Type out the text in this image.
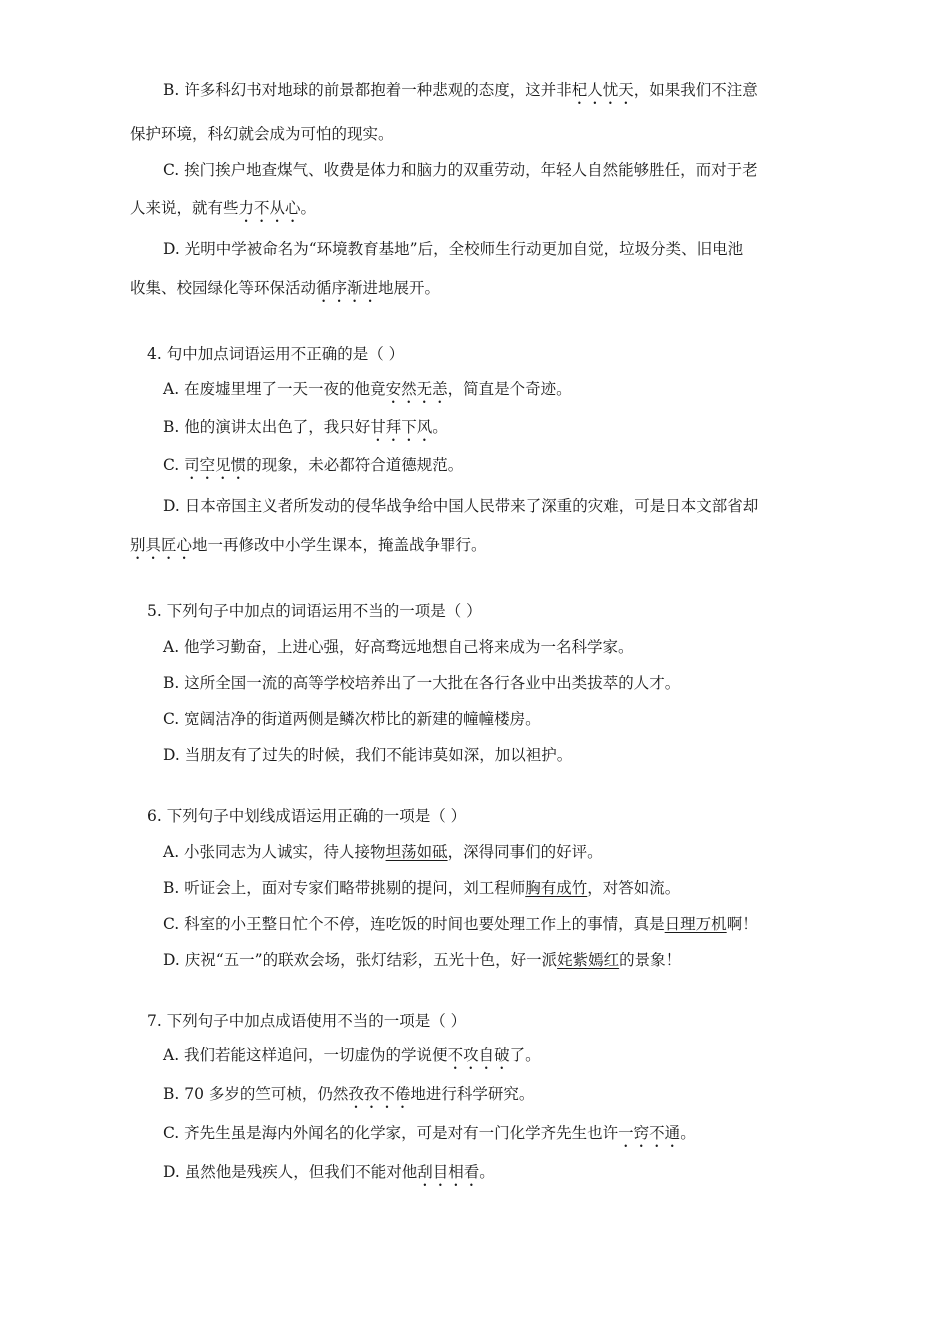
B. 许多科幻书对地球的前景都抱着一种悲观的态度，这并非杞人忧天，如果我们不注意
保护环境，科幻就会成为可怕的现实。
C. 挨门挨户地查煤气、收费是体力和脑力的双重劳动，年轻人自然能够胜任，而对于老
人来说，就有些力不从心。
D. 光明中学被命名为“环境教育基地”后，全校师生行动更加自觉，垃圾分类、旧电池
收集、校园绿化等环保活动循序渐进地展开。
4. 句中加点词语运用不正确的是（ ）
A. 在废墟里埋了一天一夜的他竟安然无恙，简直是个奇迹。
B. 他的演讲太出色了，我只好甘拜下风。
C. 司空见惯的现象，未必都符合道德规范。
D. 日本帝国主义者所发动的侵华战争给中国人民带来了深重的灾难，可是日本文部省却
别具匠心地一再修改中小学生课本，掩盖战争罪行。
5. 下列句子中加点的词语运用不当的一项是（ ）
A. 他学习勤奋，上进心强，好高骛远地想自己将来成为一名科学家。
B. 这所全国一流的高等学校培养出了一大批在各行各业中出类拔萃的人才。
C. 宽阔洁净的街道两侧是鳞次栉比的新建的幢幢楼房。
D. 当朋友有了过失的时候，我们不能讳莫如深，加以袒护。
6. 下列句子中划线成语运用正确的一项是（ ）
A. 小张同志为人诚实，待人接物坦荡如砥，深得同事们的好评。
B. 听证会上，面对专家们略带挑剔的提问，刘工程师胸有成竹，对答如流。
C. 科室的小王整日忙个不停，连吃饭的时间也要处理工作上的事情，真是日理万机啊！
D. 庆祝“五一”的联欢会场，张灯结彩，五光十色，好一派姹紫嫣红的景象！
7. 下列句子中加点成语使用不当的一项是（ ）
A. 我们若能这样追问，一切虚伪的学说便不攻自破了。
B. 70 多岁的竺可桢，仍然孜孜不倦地进行科学研究。
C. 齐先生虽是海内外闻名的化学家，可是对有一门化学齐先生也许一窍不通。
D. 虽然他是残疾人，但我们不能对他刮目相看。
